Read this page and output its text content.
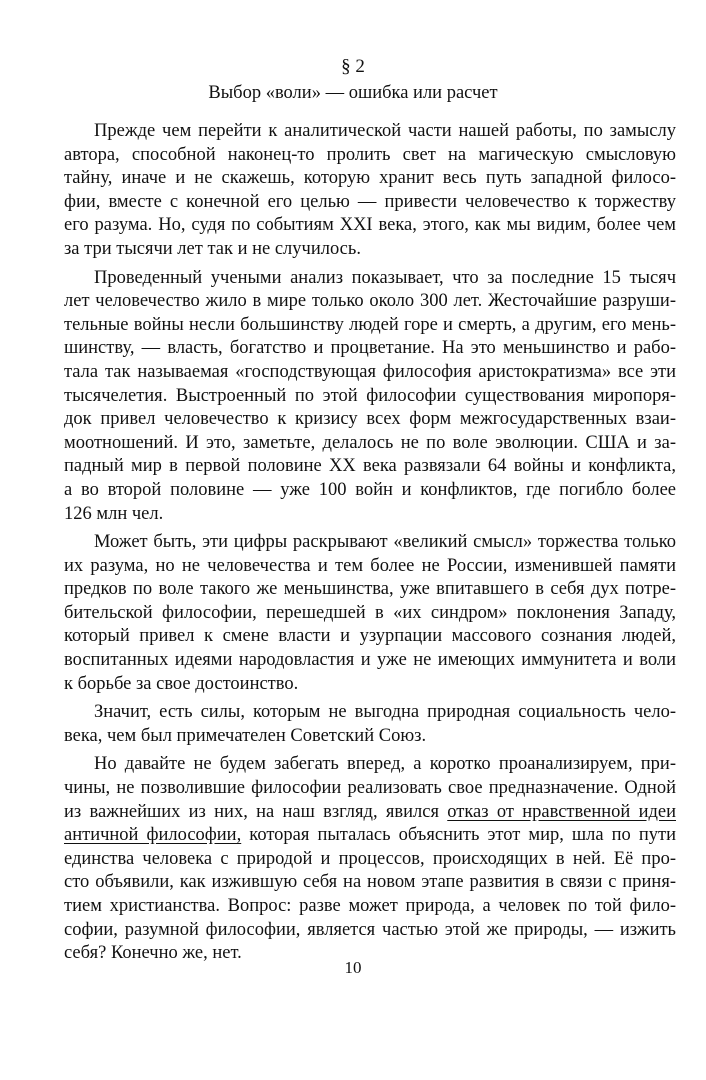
§ 2
Выбор «воли» — ошибка или расчет
Прежде чем перейти к аналитической части нашей работы, по замыслу
автора, способной наконец-то пролить свет на магическую смысловую
тайну, иначе и не скажешь, которую хранит весь путь западной филосо-
фии, вместе с конечной его целью — привести человечество к торжеству
его разума. Но, судя по событиям XXI века, этого, как мы видим, более чем
за три тысячи лет так и не случилось.
Проведенный учеными анализ показывает, что за последние 15 тысяч
лет человечество жило в мире только около 300 лет. Жесточайшие разруши-
тельные войны несли большинству людей горе и смерть, а другим, его мень-
шинству, — власть, богатство и процветание. На это меньшинство и рабо-
тала так называемая «господствующая философия аристократизма» все эти
тысячелетия. Выстроенный по этой философии существования миропоря-
док привел человечество к кризису всех форм межгосударственных взаи-
моотношений. И это, заметьте, делалось не по воле эволюции. США и за-
падный мир в первой половине XX века развязали 64 войны и конфликта,
а во второй половине — уже 100 войн и конфликтов, где погибло более
126 млн чел.
Может быть, эти цифры раскрывают «великий смысл» торжества только
их разума, но не человечества и тем более не России, изменившей памяти
предков по воле такого же меньшинства, уже впитавшего в себя дух потре-
бительской философии, перешедшей в «их синдром» поклонения Западу,
который привел к смене власти и узурпации массового сознания людей,
воспитанных идеями народовластия и уже не имеющих иммунитета и воли
к борьбе за свое достоинство.
Значит, есть силы, которым не выгодна природная социальность чело-
века, чем был примечателен Советский Союз.
Но давайте не будем забегать вперед, а коротко проанализируем, при-
чины, не позволившие философии реализовать свое предназначение. Одной
из важнейших из них, на наш взгляд, явился отказ от нравственной идеи
античной философии, которая пыталась объяснить этот мир, шла по пути
единства человека с природой и процессов, происходящих в ней. Её про-
сто объявили, как изжившую себя на новом этапе развития в связи с приня-
тием христианства. Вопрос: разве может природа, а человек по той фило-
софии, разумной философии, является частью этой же природы, — изжить
себя? Конечно же, нет.
10
